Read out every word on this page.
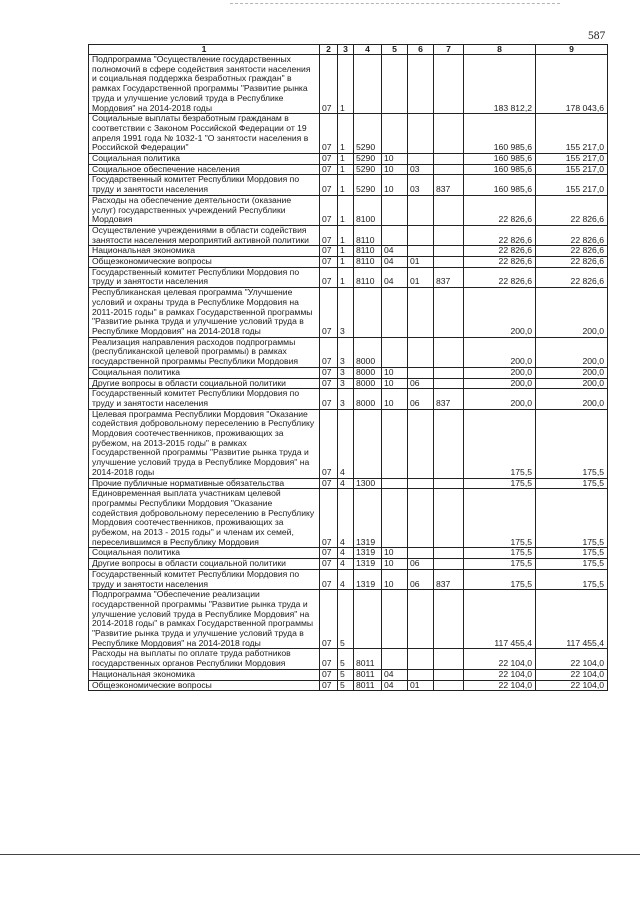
587
1	2	3	4	5	6	7	8	9
Подпрограмма "Осуществление государственных полномочий в сфере содействия занятости населения и социальная поддержка безработных граждан" в рамках Государственной программы "Развитие рынка труда и улучшение условий труда в Республике Мордовия" на 2014-2018 годы	07	1					183 812,2	178 043,6
Социальные выплаты безработным гражданам в соответствии с Законом Российской Федерации от 19 апреля 1991 года № 1032-1 "О занятости населения в Российской Федерации"	07	1	5290				160 985,6	155 217,0
Социальная политика	07	1	5290	10			160 985,6	155 217,0
Социальное обеспечение населения	07	1	5290	10	03		160 985,6	155 217,0
Государственный комитет Республики Мордовия по труду и занятости населения	07	1	5290	10	03	837	160 985,6	155 217,0
Расходы на обеспечение деятельности (оказание услуг) государственных учреждений Республики Мордовия	07	1	8100				22 826,6	22 826,6
Осуществление учреждениями в области содействия занятости населения мероприятий активной политики	07	1	8110				22 826,6	22 826,6
Национальная экономика	07	1	8110	04			22 826,6	22 826,6
Общеэкономические вопросы	07	1	8110	04	01		22 826,6	22 826,6
Государственный комитет Республики Мордовия по труду и занятости населения	07	1	8110	04	01	837	22 826,6	22 826,6
Республиканская целевая программа "Улучшение условий и охраны труда в Республике Мордовия на 2011-2015 годы" в рамках Государственной программы "Развитие рынка труда и улучшение условий труда в Республике Мордовия" на 2014-2018 годы	07	3					200,0	200,0
Реализация направления расходов подпрограммы (республиканской целевой программы) в рамках государственной программы Республики Мордовия	07	3	8000				200,0	200,0
Социальная политика	07	3	8000	10			200,0	200,0
Другие вопросы в области социальной политики	07	3	8000	10	06		200,0	200,0
Государственный комитет Республики Мордовия по труду и занятости населения	07	3	8000	10	06	837	200,0	200,0
Целевая программа Республики Мордовия "Оказание содействия добровольному переселению в Республику Мордовия соотечественников, проживающих за рубежом, на 2013-2015 годы" в рамках Государственной программы "Развитие рынка труда и улучшение условий труда в Республике Мордовия" на 2014-2018 годы	07	4					175,5	175,5
Прочие публичные нормативные обязательства	07	4	1300				175,5	175,5
Единовременная выплата участникам целевой программы Республики Мордовия "Оказание содействия добровольному переселению в Республику Мордовия соотечественников, проживающих за рубежом, на 2013 - 2015 годы" и членам их семей, переселившимся в Республику Мордовия	07	4	1319				175,5	175,5
Социальная политика	07	4	1319	10			175,5	175,5
Другие вопросы в области социальной политики	07	4	1319	10	06		175,5	175,5
Государственный комитет Республики Мордовия по труду и занятости населения	07	4	1319	10	06	837	175,5	175,5
Подпрограмма "Обеспечение реализации государственной программы "Развитие рынка труда и улучшение условий труда в Республике Мордовия" на 2014-2018 годы" в рамках Государственной программы "Развитие рынка труда и улучшение условий труда в Республике Мордовия" на 2014-2018 годы	07	5					117 455,4	117 455,4
Расходы на выплаты по оплате труда работников государственных органов Республики Мордовия	07	5	8011				22 104,0	22 104,0
Национальная экономика	07	5	8011	04			22 104,0	22 104,0
Общеэкономические вопросы	07	5	8011	04	01		22 104,0	22 104,0
